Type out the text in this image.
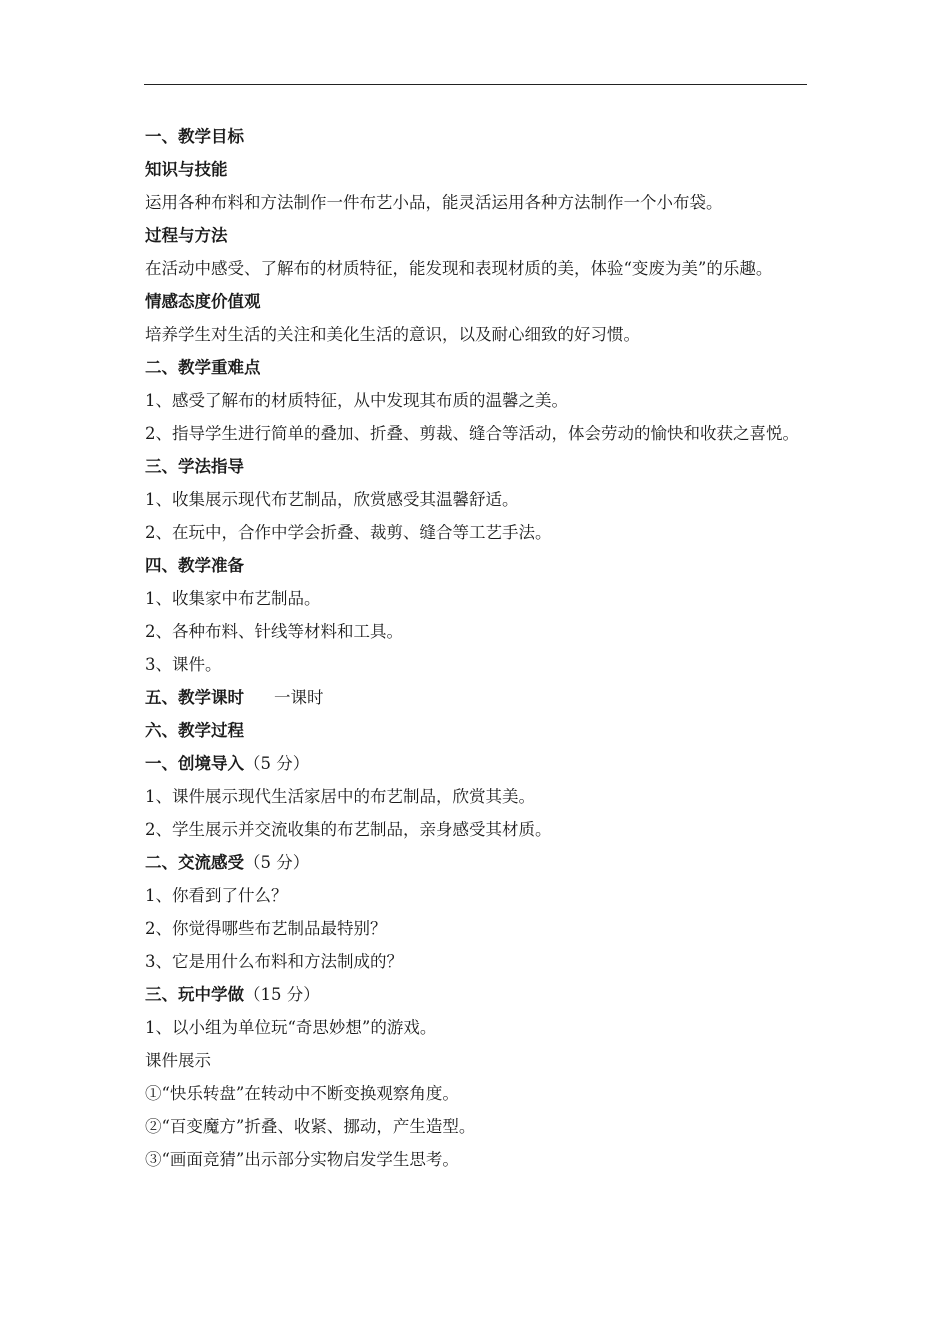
一、教学目标
知识与技能
运用各种布料和方法制作一件布艺小品，能灵活运用各种方法制作一个小布袋。
过程与方法
在活动中感受、了解布的材质特征，能发现和表现材质的美，体验“变废为美”的乐趣。
情感态度价值观
培养学生对生活的关注和美化生活的意识，以及耐心细致的好习惯。
二、教学重难点
1、感受了解布的材质特征，从中发现其布质的温馨之美。
2、指导学生进行简单的叠加、折叠、剪裁、缝合等活动，体会劳动的愉快和收获之喜悦。
三、学法指导
1、收集展示现代布艺制品，欣赏感受其温馨舒适。
2、在玩中，合作中学会折叠、裁剪、缝合等工艺手法。
四、教学准备
1、收集家中布艺制品。
2、各种布料、针线等材料和工具。
3、课件。
五、教学课时 一课时
六、教学过程
一、创境导入（5 分）
1、课件展示现代生活家居中的布艺制品，欣赏其美。
2、学生展示并交流收集的布艺制品，亲身感受其材质。
二、交流感受（5 分）
1、你看到了什么？
2、你觉得哪些布艺制品最特别？
3、它是用什么布料和方法制成的？
三、玩中学做（15 分）
1、以小组为单位玩“奇思妙想”的游戏。
课件展示
①“快乐转盘”在转动中不断变换观察角度。
②“百变魔方”折叠、收紧、挪动，产生造型。
③“画面竞猜”出示部分实物启发学生思考。
